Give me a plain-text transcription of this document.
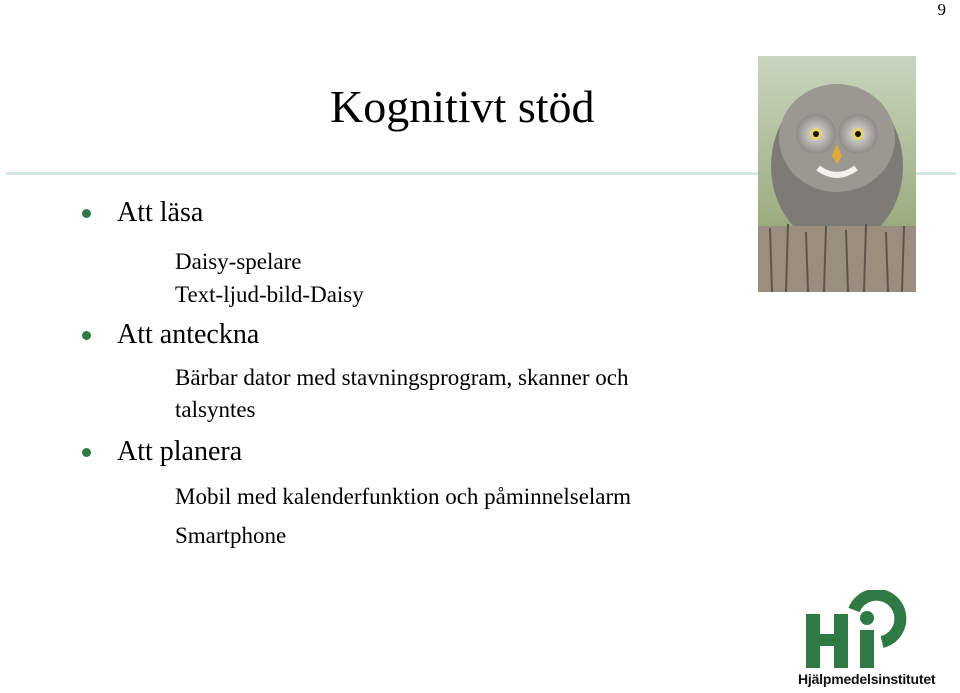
9
Kognitivt stöd
Att läsa
Daisy-spelare
Text-ljud-bild-Daisy
Att anteckna
Bärbar dator med stavningsprogram, skanner och
talsyntes
Att planera
Mobil med kalenderfunktion och påminnelselarm
Smartphone
Hjälpmedelsinstitutet
